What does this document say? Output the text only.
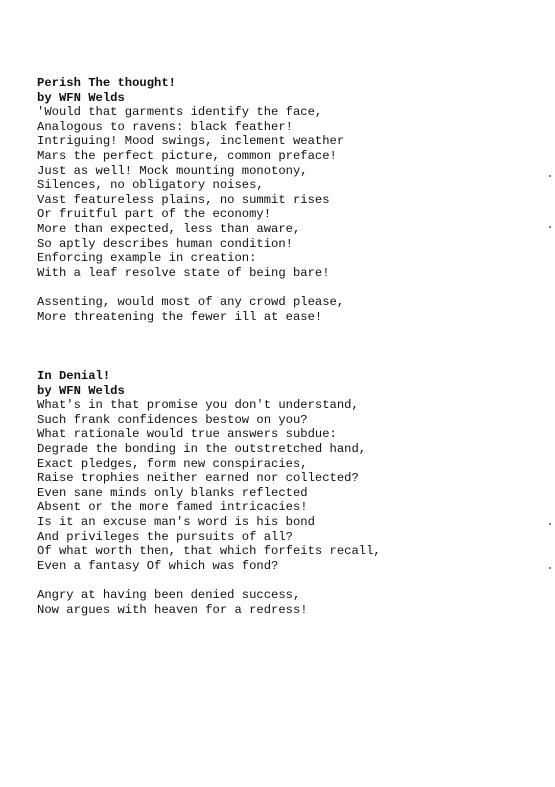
Perish The thought!
by WFN Welds
'Would that garments identify the face,
Analogous to ravens: black feather!
Intriguing! Mood swings, inclement weather
Mars the perfect picture, common preface!
Just as well! Mock mounting monotony,
Silences, no obligatory noises,
Vast featureless plains, no summit rises
Or fruitful part of the economy!
More than expected, less than aware,
So aptly describes human condition!
Enforcing example in creation:
With a leaf resolve state of being bare!
Assenting, would most of any crowd please,
More threatening the fewer ill at ease!
In Denial!
by WFN Welds
What's in that promise you don't understand,
Such frank confidences bestow on you?
What rationale would true answers subdue:
Degrade the bonding in the outstretched hand,
Exact pledges, form new conspiracies,
Raise trophies neither earned nor collected?
Even sane minds only blanks reflected
Absent or the more famed intricacies!
Is it an excuse man's word is his bond
And privileges the pursuits of all?
Of what worth then, that which forfeits recall,
Even a fantasy Of which was fond?
Angry at having been denied success,
Now argues with heaven for a redress!
